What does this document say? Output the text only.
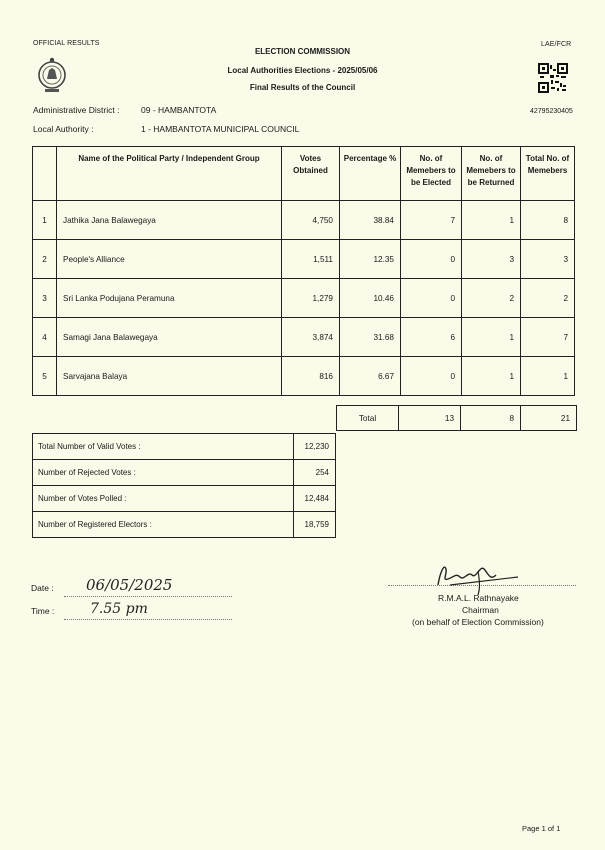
OFFICIAL RESULTS	LAE/FCR
ELECTION COMMISSION
Local Authorities Elections - 2025/05/06
Final Results of the Council
42795230405
Administrative District :	09 - HAMBANTOTA
Local Authority :	1 - HAMBANTOTA MUNICIPAL COUNCIL
	Name of the Political Party / Independent Group	Votes Obtained	Percentage %	No. of Memebers to be Elected	No. of Memebers to be Returned	Total No. of Memebers
1	Jathika Jana Balawegaya	4,750	38.84	7	1	8
2	People's Alliance	1,511	12.35	0	3	3
3	Sri Lanka Podujana Peramuna	1,279	10.46	0	2	2
4	Samagi Jana Balawegaya	3,874	31.68	6	1	7
5	Sarvajana Balaya	816	6.67	0	1	1
Total	13	8	21
Total Number of Valid Votes :	12,230
Number of Rejected Votes :	254
Number of Votes Polled :	12,484
Number of Registered Electors :	18,759
Date : 06/05/2025
Time :	7.55 pm
R.M.A.L. Rathnayake
Chairman
(on behalf of Election Commission)
Page 1 of 1
